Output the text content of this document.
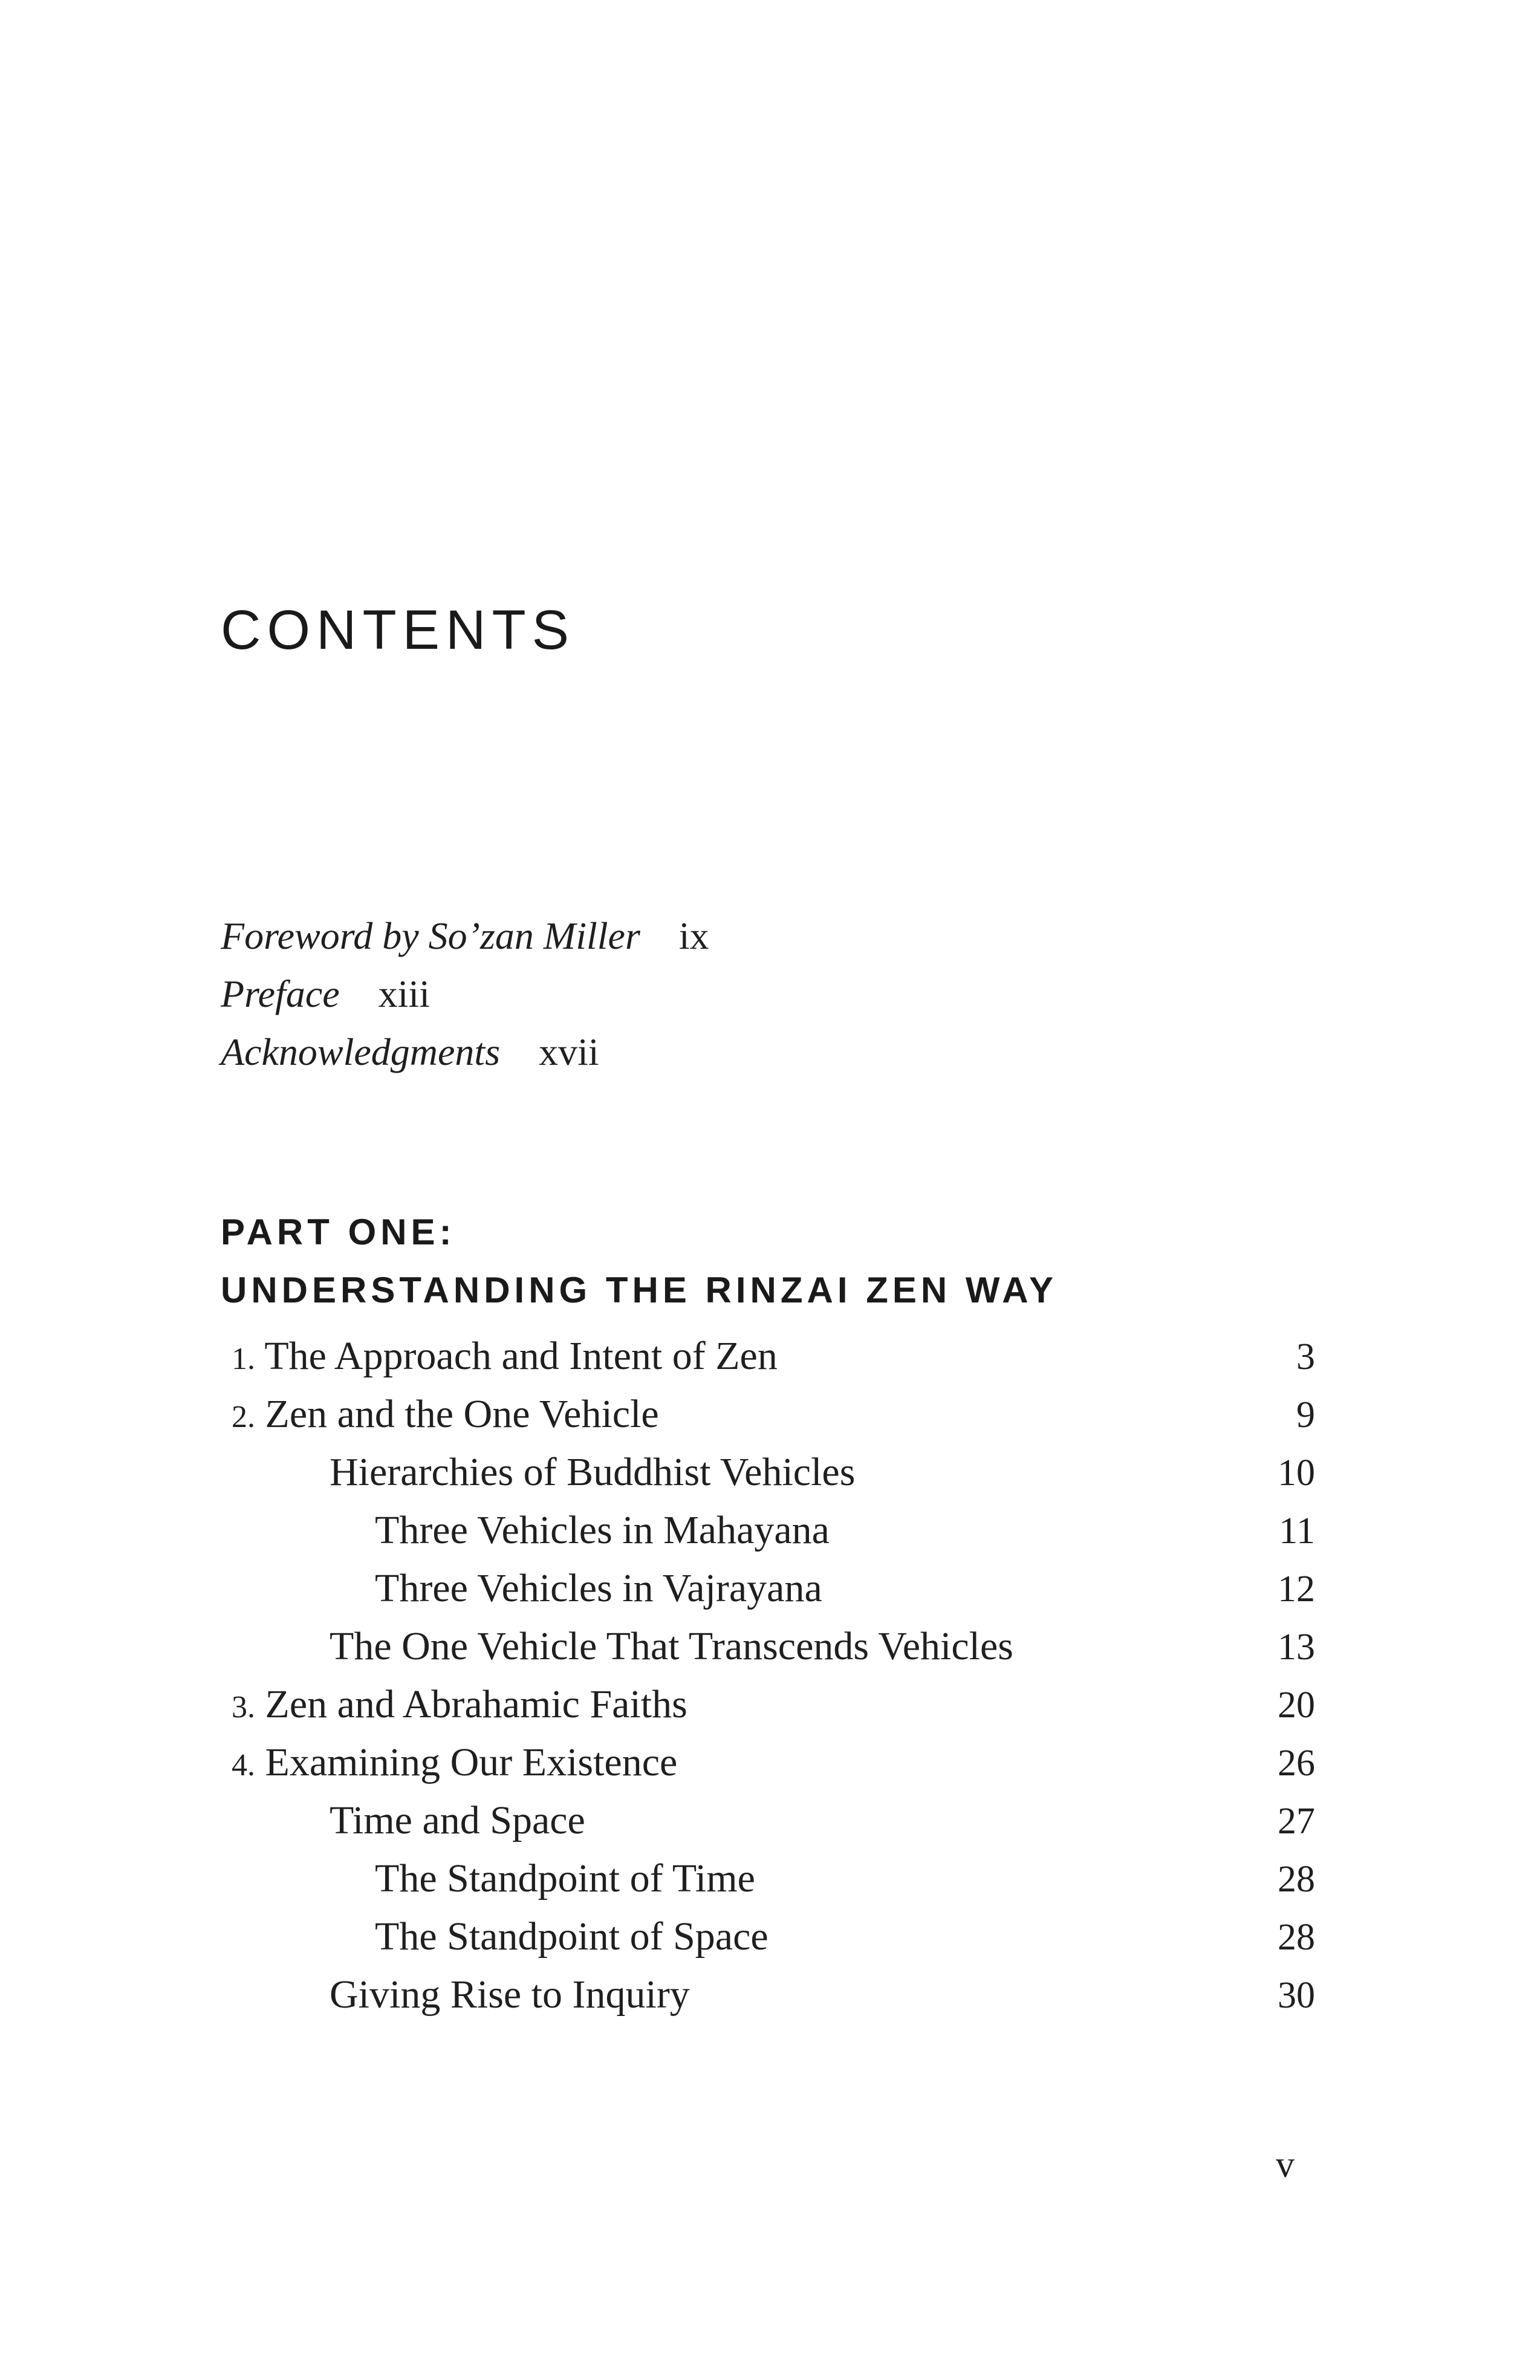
CONTENTS
Foreword by So’zan Miller ix
Preface xiii
Acknowledgments xvii
PART ONE:
UNDERSTANDING THE RINZAI ZEN WAY
1. The Approach and Intent of Zen	3
2. Zen and the One Vehicle	9
Hierarchies of Buddhist Vehicles	10
Three Vehicles in Mahayana	11
Three Vehicles in Vajrayana	12
The One Vehicle That Transcends Vehicles	13
3. Zen and Abrahamic Faiths	20
4. Examining Our Existence	26
Time and Space	27
The Standpoint of Time	28
The Standpoint of Space	28
Giving Rise to Inquiry	30
v
